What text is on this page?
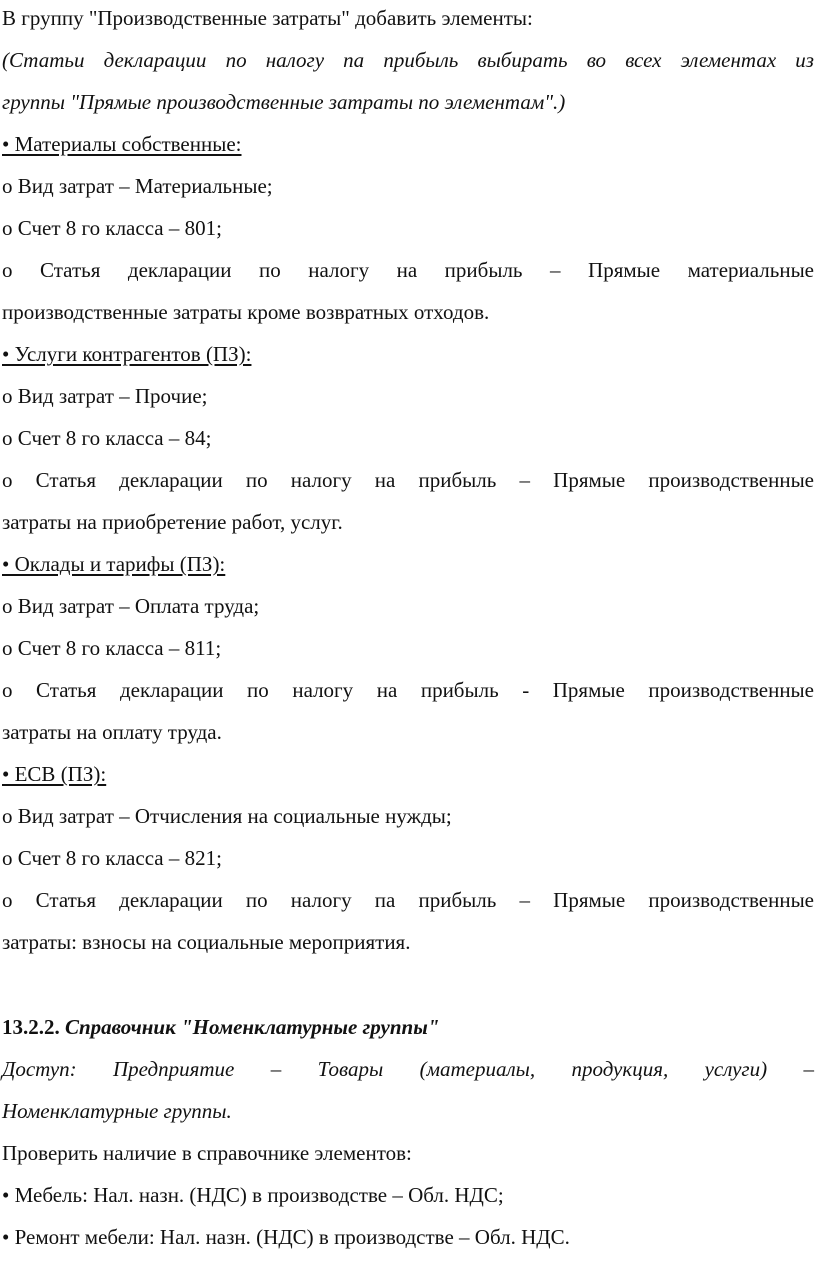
В группу "Производственные затраты" добавить элементы:
(Статьи декларации по налогу па прибыль выбирать во всех элементах из
группы "Прямые производственные затраты по элементам".)
• Материалы собственные:
о Вид затрат – Материальные;
о Счет 8 го класса – 801;
о Статья декларации по налогу на прибыль – Прямые материальные
производственные затраты кроме возвратных отходов.
• Услуги контрагентов (ПЗ):
о Вид затрат – Прочие;
о Счет 8 го класса – 84;
о Статья декларации по налогу на прибыль – Прямые производственные
затраты на приобретение работ, услуг.
• Оклады и тарифы (ПЗ):
о Вид затрат – Оплата труда;
о Счет 8 го класса – 811;
о Статья декларации по налогу на прибыль - Прямые производственные
затраты на оплату труда.
• ЕСВ (ПЗ):
о Вид затрат – Отчисления на социальные нужды;
о Счет 8 го класса – 821;
о Статья декларации по налогу па прибыль – Прямые производственные
затраты: взносы на социальные мероприятия.
13.2.2. Справочник "Номенклатурные группы"
Доступ: Предприятие – Товары (материалы, продукция, услуги) –
Номенклатурные группы.
Проверить наличие в справочнике элементов:
• Мебель: Нал. назн. (НДС) в производстве – Обл. НДС;
• Ремонт мебели: Нал. назн. (НДС) в производстве – Обл. НДС.
